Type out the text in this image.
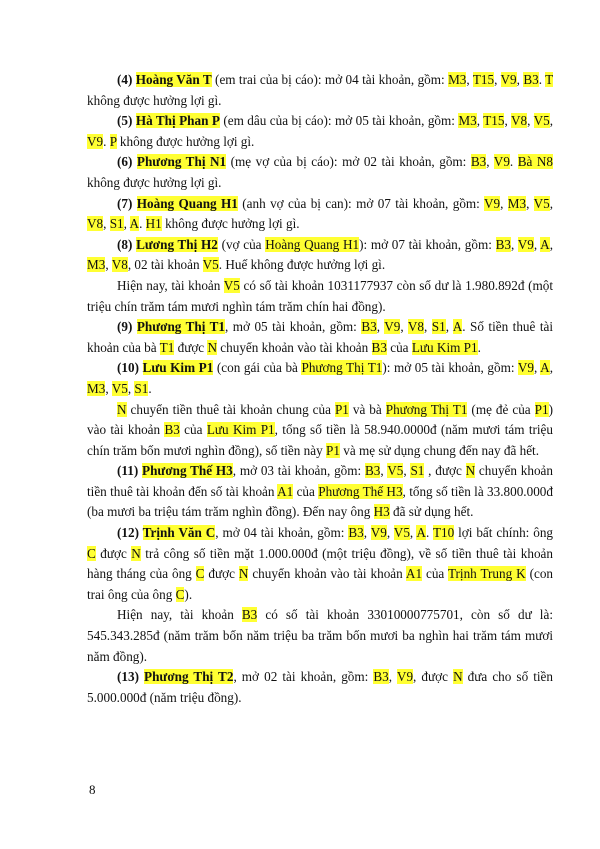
(4) Hoàng Văn T (em trai của bị cáo): mở 04 tài khoản, gồm: M3, T15, V9, B3. T không được hưởng lợi gì.

(5) Hà Thị Phan P (em dâu của bị cáo): mở 05 tài khoản, gồm: M3, T15, V8, V5, V9. P không được hưởng lợi gì.

(6) Phương Thị N1 (mẹ vợ của bị cáo): mở 02 tài khoản, gồm: B3, V9. Bà N8 không được hưởng lợi gì.

(7) Hoàng Quang H1 (anh vợ của bị can): mở 07 tài khoản, gồm: V9, M3, V5, V8, S1, A. H1 không được hưởng lợi gì.

(8) Lương Thị H2 (vợ của Hoàng Quang H1): mở 07 tài khoản, gồm: B3, V9, A, M3, V8, 02 tài khoản V5. Huế không được hưởng lợi gì.

Hiện nay, tài khoản V5 có số tài khoản 1031177937 còn số dư là 1.980.892đ (một triệu chín trăm tám mươi nghìn tám trăm chín hai đồng).

(9) Phương Thị T1, mở 05 tài khoản, gồm: B3, V9, V8, S1, A. Số tiền thuê tài khoản của bà T1 được N chuyển khoản vào tài khoản B3 của Lưu Kim P1.

(10) Lưu Kim P1 (con gái của bà Phương Thị T1): mở 05 tài khoản, gồm: V9, A, M3, V5, S1.

N chuyển tiền thuê tài khoản chung của P1 và bà Phương Thị T1 (mẹ đẻ của P1) vào tài khoản B3 của Lưu Kim P1, tổng số tiền là 58.940.0000đ (năm mươi tám triệu chín trăm bốn mươi nghìn đồng), số tiền này P1 và mẹ sử dụng chung đến nay đã hết.

(11) Phương Thế H3, mở 03 tài khoản, gồm: B3, V5, S1 , được N chuyển khoản tiền thuê tài khoản đến số tài khoản A1 của Phương Thế H3, tổng số tiền là 33.800.000đ (ba mươi ba triệu tám trăm nghìn đồng). Đến nay ông H3 đã sử dụng hết.

(12) Trịnh Văn C, mở 04 tài khoản, gồm: B3, V9, V5, A. T10 lợi bất chính: ông C được N trả công số tiền mặt 1.000.000đ (một triệu đồng), về số tiền thuê tài khoản hàng tháng của ông C được N chuyển khoản vào tài khoản A1 của Trịnh Trung K (con trai ông của ông C).

Hiện nay, tài khoản B3 có số tài khoản 33010000775701, còn số dư là: 545.343.285đ (năm trăm bốn năm triệu ba trăm bốn mươi ba nghìn hai trăm tám mươi năm đồng).

(13) Phương Thị T2, mở 02 tài khoản, gồm: B3, V9, được N đưa cho số tiền 5.000.000đ (năm triệu đồng).

8
